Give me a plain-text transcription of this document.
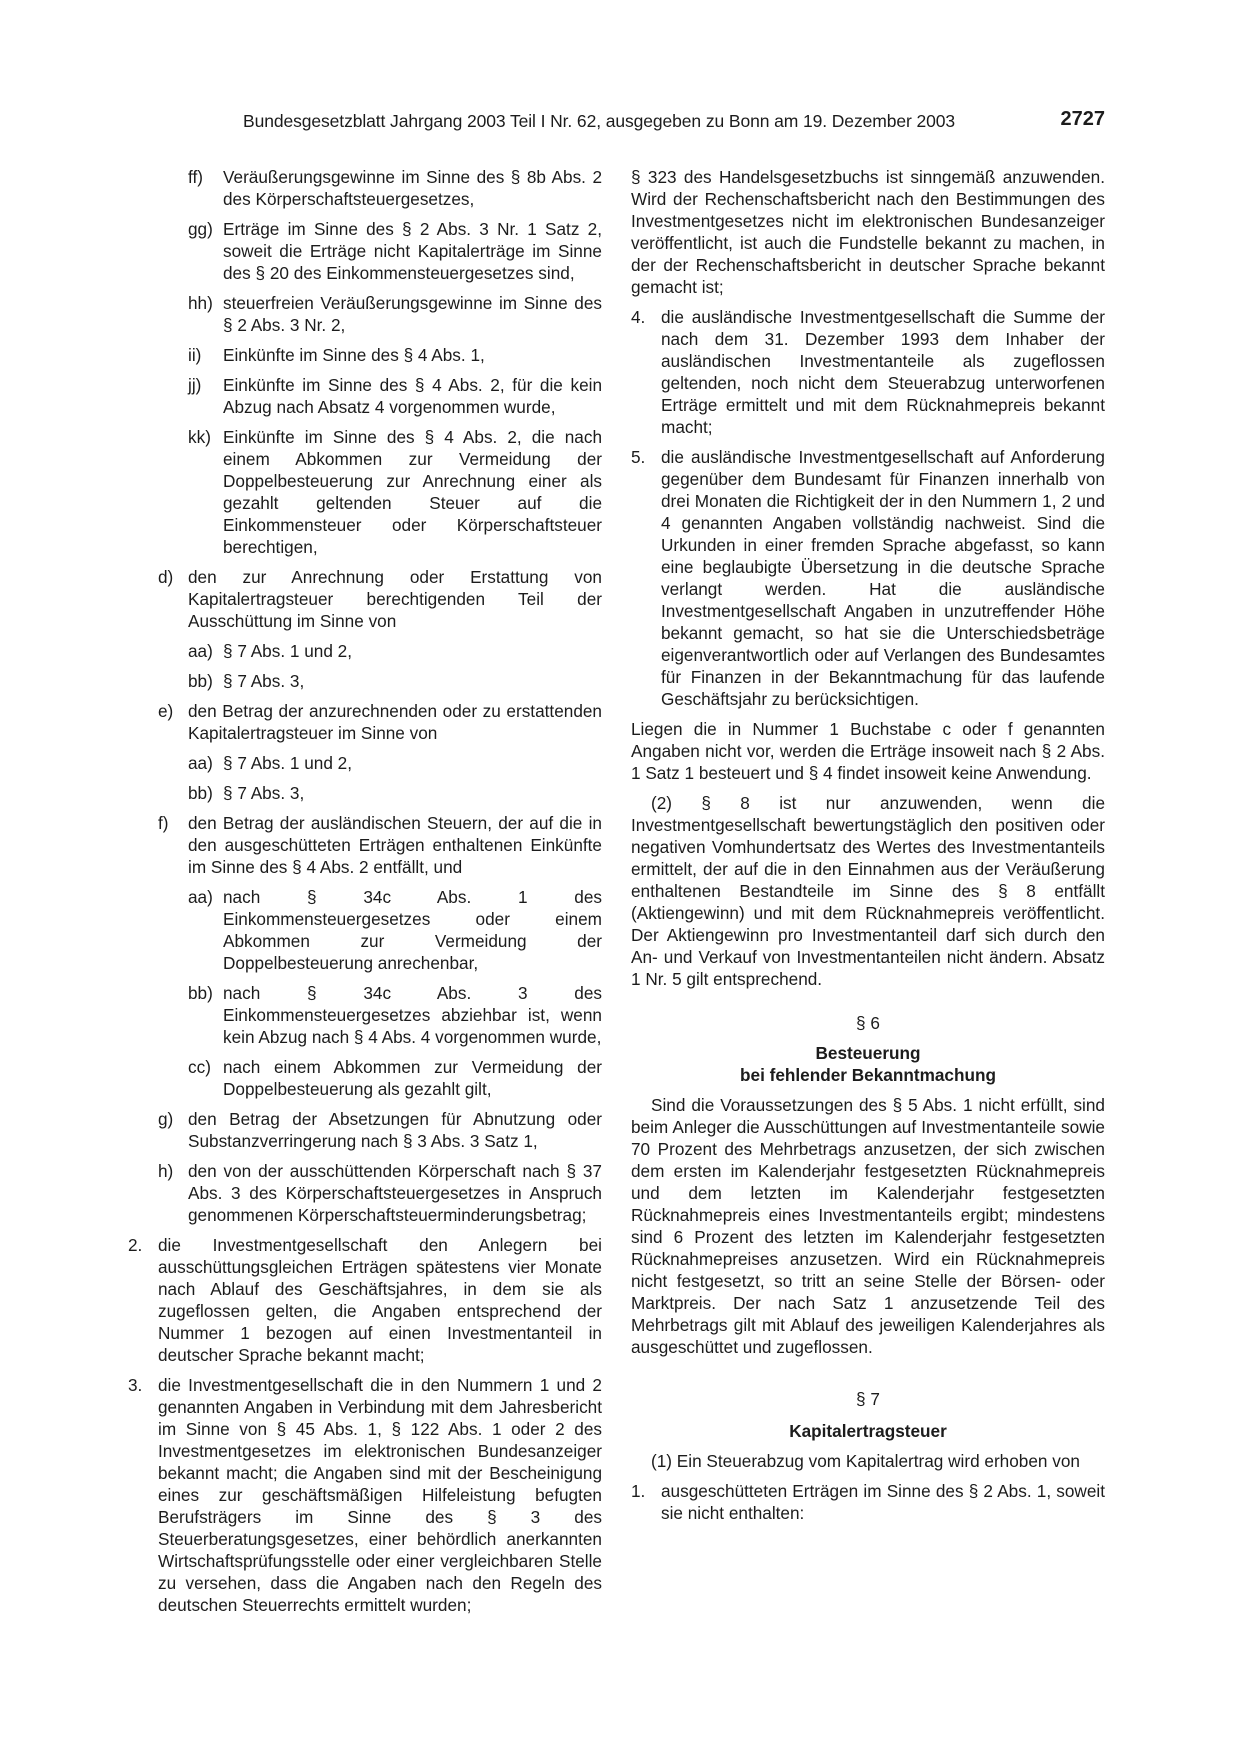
Bundesgesetzblatt Jahrgang 2003 Teil I Nr. 62, ausgegeben zu Bonn am 19. Dezember 2003	2727
ff) Veräußerungsgewinne im Sinne des § 8b Abs. 2 des Körperschaftsteuergesetzes,
gg) Erträge im Sinne des § 2 Abs. 3 Nr. 1 Satz 2, soweit die Erträge nicht Kapitalerträge im Sinne des § 20 des Einkommensteuergesetzes sind,
hh) steuerfreien Veräußerungsgewinne im Sinne des § 2 Abs. 3 Nr. 2,
ii) Einkünfte im Sinne des § 4 Abs. 1,
jj) Einkünfte im Sinne des § 4 Abs. 2, für die kein Abzug nach Absatz 4 vorgenommen wurde,
kk) Einkünfte im Sinne des § 4 Abs. 2, die nach einem Abkommen zur Vermeidung der Doppelbesteuerung zur Anrechnung einer als gezahlt geltenden Steuer auf die Einkommensteuer oder Körperschaftsteuer berechtigen,
d) den zur Anrechnung oder Erstattung von Kapitalertragsteuer berechtigenden Teil der Ausschüttung im Sinne von
aa) § 7 Abs. 1 und 2,
bb) § 7 Abs. 3,
e) den Betrag der anzurechnenden oder zu erstattenden Kapitalertragsteuer im Sinne von
aa) § 7 Abs. 1 und 2,
bb) § 7 Abs. 3,
f) den Betrag der ausländischen Steuern, der auf die in den ausgeschütteten Erträgen enthaltenen Einkünfte im Sinne des § 4 Abs. 2 entfällt, und
aa) nach § 34c Abs. 1 des Einkommensteuergesetzes oder einem Abkommen zur Vermeidung der Doppelbesteuerung anrechenbar,
bb) nach § 34c Abs. 3 des Einkommensteuergesetzes abziehbar ist, wenn kein Abzug nach § 4 Abs. 4 vorgenommen wurde,
cc) nach einem Abkommen zur Vermeidung der Doppelbesteuerung als gezahlt gilt,
g) den Betrag der Absetzungen für Abnutzung oder Substanzverringerung nach § 3 Abs. 3 Satz 1,
h) den von der ausschüttenden Körperschaft nach § 37 Abs. 3 des Körperschaftsteuergesetzes in Anspruch genommenen Körperschaftsteuerminderungsbetrag;
2. die Investmentgesellschaft den Anlegern bei ausschüttungsgleichen Erträgen spätestens vier Monate nach Ablauf des Geschäftsjahres, in dem sie als zugeflossen gelten, die Angaben entsprechend der Nummer 1 bezogen auf einen Investmentanteil in deutscher Sprache bekannt macht;
3. die Investmentgesellschaft die in den Nummern 1 und 2 genannten Angaben in Verbindung mit dem Jahresbericht im Sinne von § 45 Abs. 1, § 122 Abs. 1 oder 2 des Investmentgesetzes im elektronischen Bundesanzeiger bekannt macht; die Angaben sind mit der Bescheinigung eines zur geschäftsmäßigen Hilfeleistung befugten Berufsträgers im Sinne des § 3 des Steuerberatungsgesetzes, einer behördlich anerkannten Wirtschaftsprüfungsstelle oder einer vergleichbaren Stelle zu versehen, dass die Angaben nach den Regeln des deutschen Steuerrechts ermittelt wurden;
§ 323 des Handelsgesetzbuchs ist sinngemäß anzuwenden. Wird der Rechenschaftsbericht nach den Bestimmungen des Investmentgesetzes nicht im elektronischen Bundesanzeiger veröffentlicht, ist auch die Fundstelle bekannt zu machen, in der der Rechenschaftsbericht in deutscher Sprache bekannt gemacht ist;
4. die ausländische Investmentgesellschaft die Summe der nach dem 31. Dezember 1993 dem Inhaber der ausländischen Investmentanteile als zugeflossen geltenden, noch nicht dem Steuerabzug unterworfenen Erträge ermittelt und mit dem Rücknahmepreis bekannt macht;
5. die ausländische Investmentgesellschaft auf Anforderung gegenüber dem Bundesamt für Finanzen innerhalb von drei Monaten die Richtigkeit der in den Nummern 1, 2 und 4 genannten Angaben vollständig nachweist. Sind die Urkunden in einer fremden Sprache abgefasst, so kann eine beglaubigte Übersetzung in die deutsche Sprache verlangt werden. Hat die ausländische Investmentgesellschaft Angaben in unzutreffender Höhe bekannt gemacht, so hat sie die Unterschiedsbeträge eigenverantwortlich oder auf Verlangen des Bundesamtes für Finanzen in der Bekanntmachung für das laufende Geschäftsjahr zu berücksichtigen.
Liegen die in Nummer 1 Buchstabe c oder f genannten Angaben nicht vor, werden die Erträge insoweit nach § 2 Abs. 1 Satz 1 besteuert und § 4 findet insoweit keine Anwendung.
(2) § 8 ist nur anzuwenden, wenn die Investmentgesellschaft bewertungstäglich den positiven oder negativen Vomhundertsatz des Wertes des Investmentanteils ermittelt, der auf die in den Einnahmen aus der Veräußerung enthaltenen Bestandteile im Sinne des § 8 entfällt (Aktiengewinn) und mit dem Rücknahmepreis veröffentlicht. Der Aktiengewinn pro Investmentanteil darf sich durch den An- und Verkauf von Investmentanteilen nicht ändern. Absatz 1 Nr. 5 gilt entsprechend.
§ 6
Besteuerung
bei fehlender Bekanntmachung
Sind die Voraussetzungen des § 5 Abs. 1 nicht erfüllt, sind beim Anleger die Ausschüttungen auf Investmentanteile sowie 70 Prozent des Mehrbetrags anzusetzen, der sich zwischen dem ersten im Kalenderjahr festgesetzten Rücknahmepreis und dem letzten im Kalenderjahr festgesetzten Rücknahmepreis eines Investmentanteils ergibt; mindestens sind 6 Prozent des letzten im Kalenderjahr festgesetzten Rücknahmepreises anzusetzen. Wird ein Rücknahmepreis nicht festgesetzt, so tritt an seine Stelle der Börsen- oder Marktpreis. Der nach Satz 1 anzusetzende Teil des Mehrbetrags gilt mit Ablauf des jeweiligen Kalenderjahres als ausgeschüttet und zugeflossen.
§ 7
Kapitalertragsteuer
(1) Ein Steuerabzug vom Kapitalertrag wird erhoben von
1. ausgeschütteten Erträgen im Sinne des § 2 Abs. 1, soweit sie nicht enthalten:
